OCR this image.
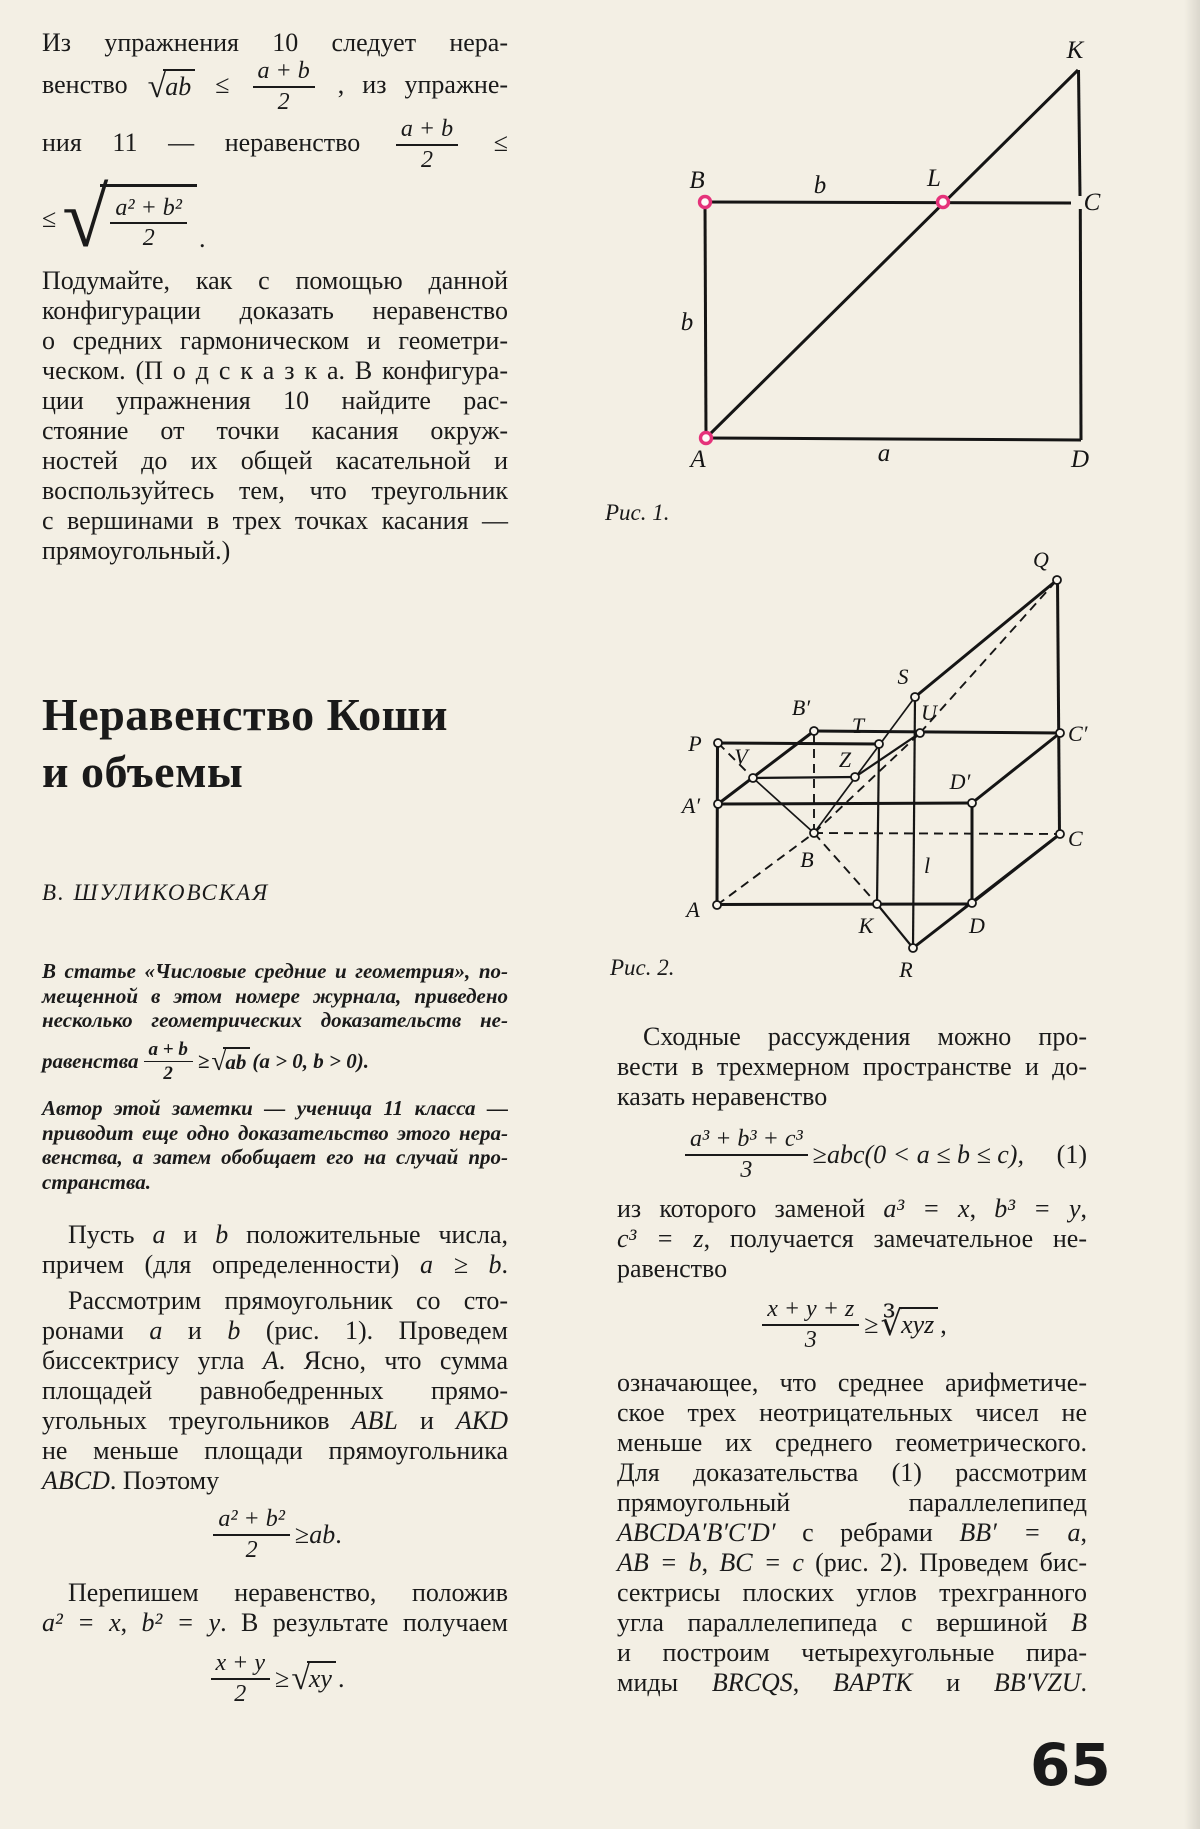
Из упражнения 10 следует нера-
венство √ ab ≤ $\frac{a + b}{2}$ , из упражне-
ния 11 — неравенство $\frac{a + b}{2}$ ≤
≤ √ $\frac{\text{a² + b²}}{2}$ .
Подумайте, как с помощью данной
конфигурации доказать неравенство
о средних гармоническом и геометри-
ческом. (П о д с к а з к а. В конфигура-
ции упражнения 10 найдите рас-
стояние от точки касания окруж-
ностей до их общей касательной и
воспользуйтесь тем, что треугольник
с вершинами в трех точках касания —
прямоугольный.)
Неравенство Коши
и объемы
В. ШУЛИКОВСКАЯ
В статье «Числовые средние и геометрия», по-
мещенной в этом номере журнала, приведено
несколько геометрических доказательств не-
равенства $\frac{a + b}{2}$ ≥ √ ab (a > 0, b > 0).
Автор этой заметки — ученица 11 класса —
приводит еще одно доказательство этого нера-
венства, а затем обобщает его на случай про-
странства.
Пусть a и b положительные числа,
причем (для определенности) a ≥ b.
Рассмотрим прямоугольник со сто-
ронами a и b (рис. 1). Проведем
биссектрису угла A. Ясно, что сумма
площадей равнобедренных прямо-
угольных треугольников ABL и AKD
не меньше площади прямоугольника
ABCD. Поэтому
$\frac{\text{a² + b²}}{2}$ ≥ ab .
Перепишем неравенство, положив
a² = x, b² = y. В результате получаем
$\frac{x + y}{2}$ ≥ √ xy .
K
B	b	L
C
b
A	a	D
Рис. 1.
Q
S
U
B′
T	C′
P
V	Z
D′
A′
B
C
l
A
K	D
R
Рис. 2.
Сходные рассуждения можно про-
вести в трехмерном пространстве и до-
казать неравенство
$\frac{\text{a³ + b³ + c³}}{3}$ ≥ abc (0 < a ≤ b ≤ c), (1)
из которого заменой a³ = x, b³ = y,
c³ = z, получается замечательное не-
равенство
$\frac{x + y + z}{3}$ ≥ ∛ xyz ,
означающее, что среднее арифметиче-
ское трех неотрицательных чисел не
меньше их среднего геометрического.
Для доказательства (1) рассмотрим
прямоугольный	параллелепипед
ABCDA′B′C′D′ с ребрами BB′ = a,
AB = b, BC = c (рис. 2). Проведем бис-
сектрисы плоских углов трехгранного
угла параллелепипеда с вершиной B
и построим четырехугольные пира-
миды BRCQS, BAPTK и BB′VZU.
65
